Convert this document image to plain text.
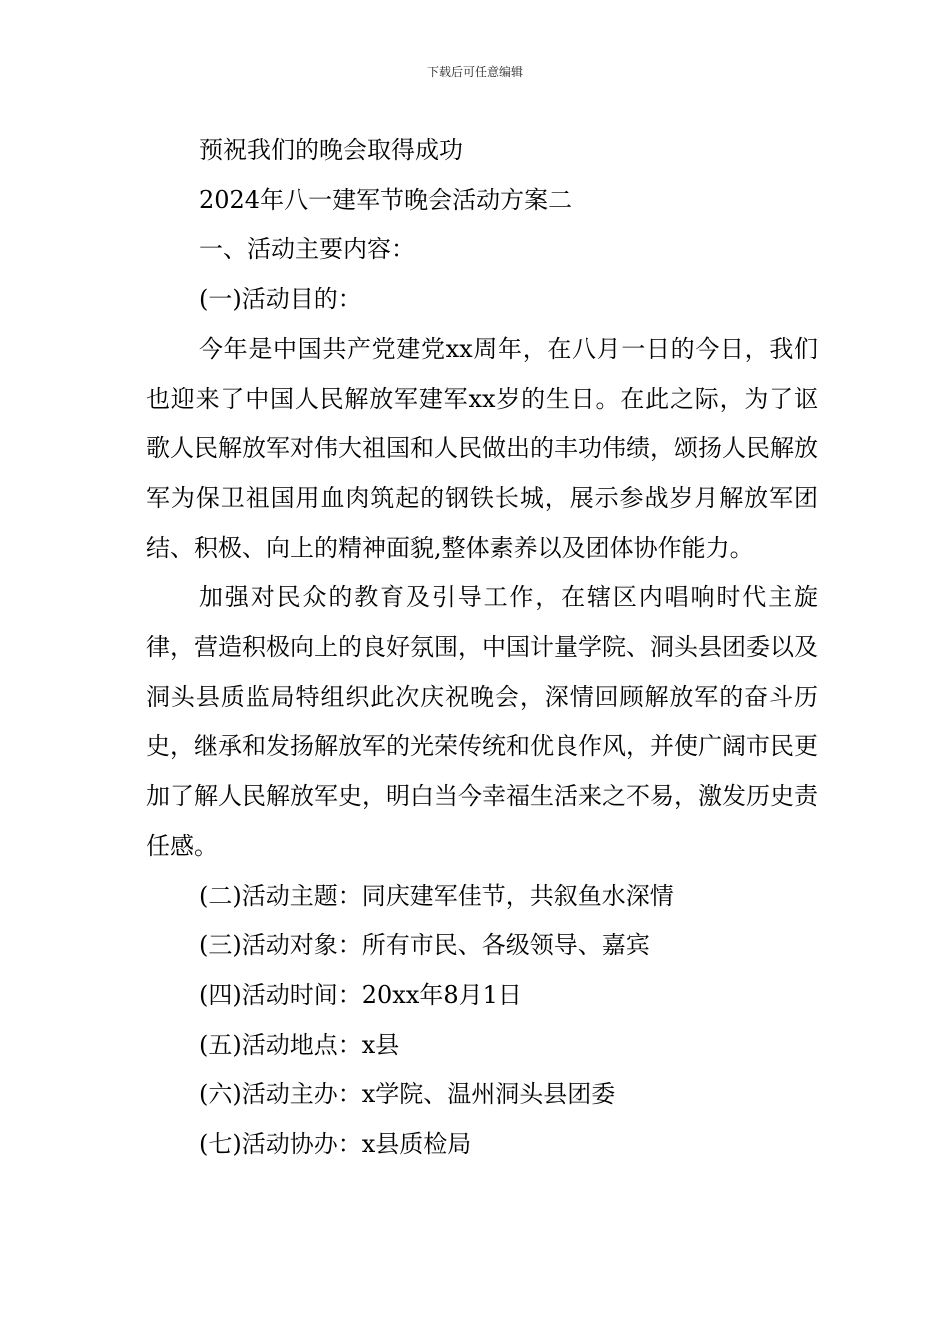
下载后可任意编辑
预祝我们的晚会取得成功
2024年八一建军节晚会活动方案二
一、活动主要内容：
(一)活动目的：

今年是中国共产党建党xx周年，在八月一日的今日，我们也迎来了中国人民解放军建军xx岁的生日。在此之际，为了讴歌人民解放军对伟大祖国和人民做出的丰功伟绩，颂扬人民解放军为保卫祖国用血肉筑起的钢铁长城，展示参战岁月解放军团结、积极、向上的精神面貌,整体素养以及团体协作能力。

加强对民众的教育及引导工作，在辖区内唱响时代主旋律，营造积极向上的良好氛围，中国计量学院、洞头县团委以及洞头县质监局特组织此次庆祝晚会，深情回顾解放军的奋斗历史，继承和发扬解放军的光荣传统和优良作风，并使广阔市民更加了解人民解放军史，明白当今幸福生活来之不易，激发历史责任感。

(二)活动主题：同庆建军佳节，共叙鱼水深情
(三)活动对象：所有市民、各级领导、嘉宾
(四)活动时间：20xx年8月1日
(五)活动地点：x县
(六)活动主办：x学院、温州洞头县团委
(七)活动协办：x县质检局
